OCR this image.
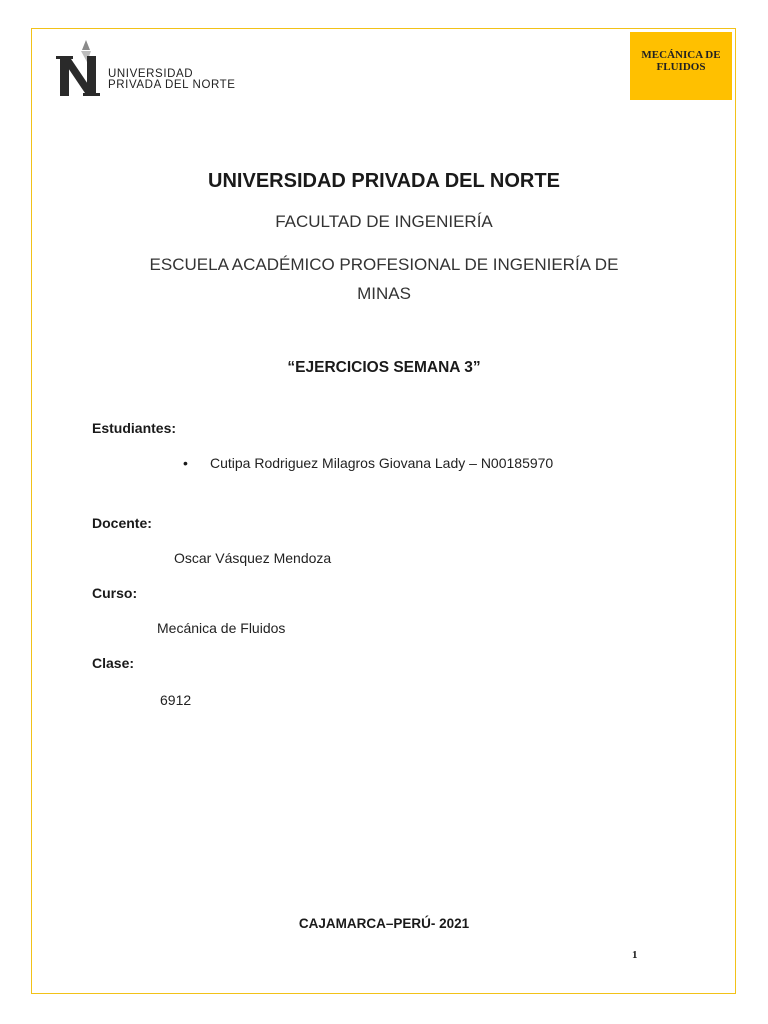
UNIVERSIDAD
PRIVADA DEL NORTE
MECÁNICA DE
FLUIDOS
UNIVERSIDAD PRIVADA DEL NORTE
FACULTAD DE INGENIERÍA
ESCUELA ACADÉMICO PROFESIONAL DE INGENIERÍA DE
MINAS
“EJERCICIOS SEMANA 3”
Estudiantes:
• Cutipa Rodriguez Milagros Giovana Lady – N00185970
Docente:
Oscar Vásquez Mendoza
Curso:
Mecánica de Fluidos
Clase:
6912
CAJAMARCA–PERÚ- 2021
1
